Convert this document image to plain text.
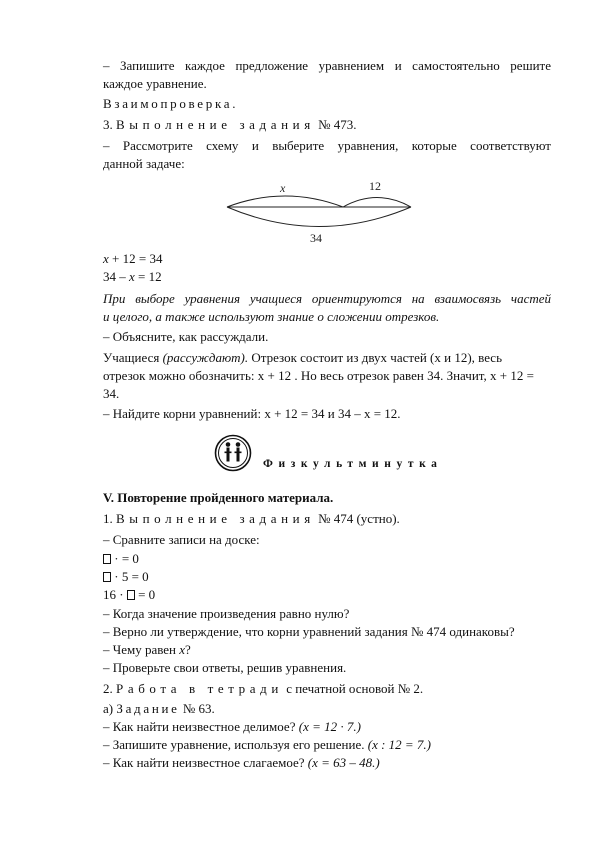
– Запишите каждое предложение уравнением и самостоятельно решите
каждое уравнение.
Взаимопроверка.
3. Выполнение задания № 473.
– Рассмотрите схему и выберите уравнения, которые соответствуют
данной задаче:
x	12
34
x + 12 = 34
34 – x = 12
При выборе уравнения учащиеся ориентируются на взаимосвязь частей
и целого, а также используют знание о сложении отрезков.
– Объясните, как рассуждали.
Учащиеся (рассуждают). Отрезок состоит из двух частей (x и 12), весь
отрезок можно обозначить: x + 12 . Но весь отрезок равен 34. Значит, x + 12 =
34.
– Найдите корни уравнений: x + 12 = 34 и 34 – x = 12.
Физкультминутка
V. Повторение пройденного материала.
1. Выполнение задания № 474 (устно).
– Сравните записи на доске:
· = 0
· 5 = 0
16 · = 0
– Когда значение произведения равно нулю?
– Верно ли утверждение, что корни уравнений задания № 474 одинаковы?
– Чему равен x?
– Проверьте свои ответы, решив уравнения.
2. Работа в тетради с печатной основой № 2.
а) Задание № 63.
– Как найти неизвестное делимое? (x = 12 · 7.)
– Запишите уравнение, используя его решение. (x : 12 = 7.)
– Как найти неизвестное слагаемое? (x = 63 – 48.)
